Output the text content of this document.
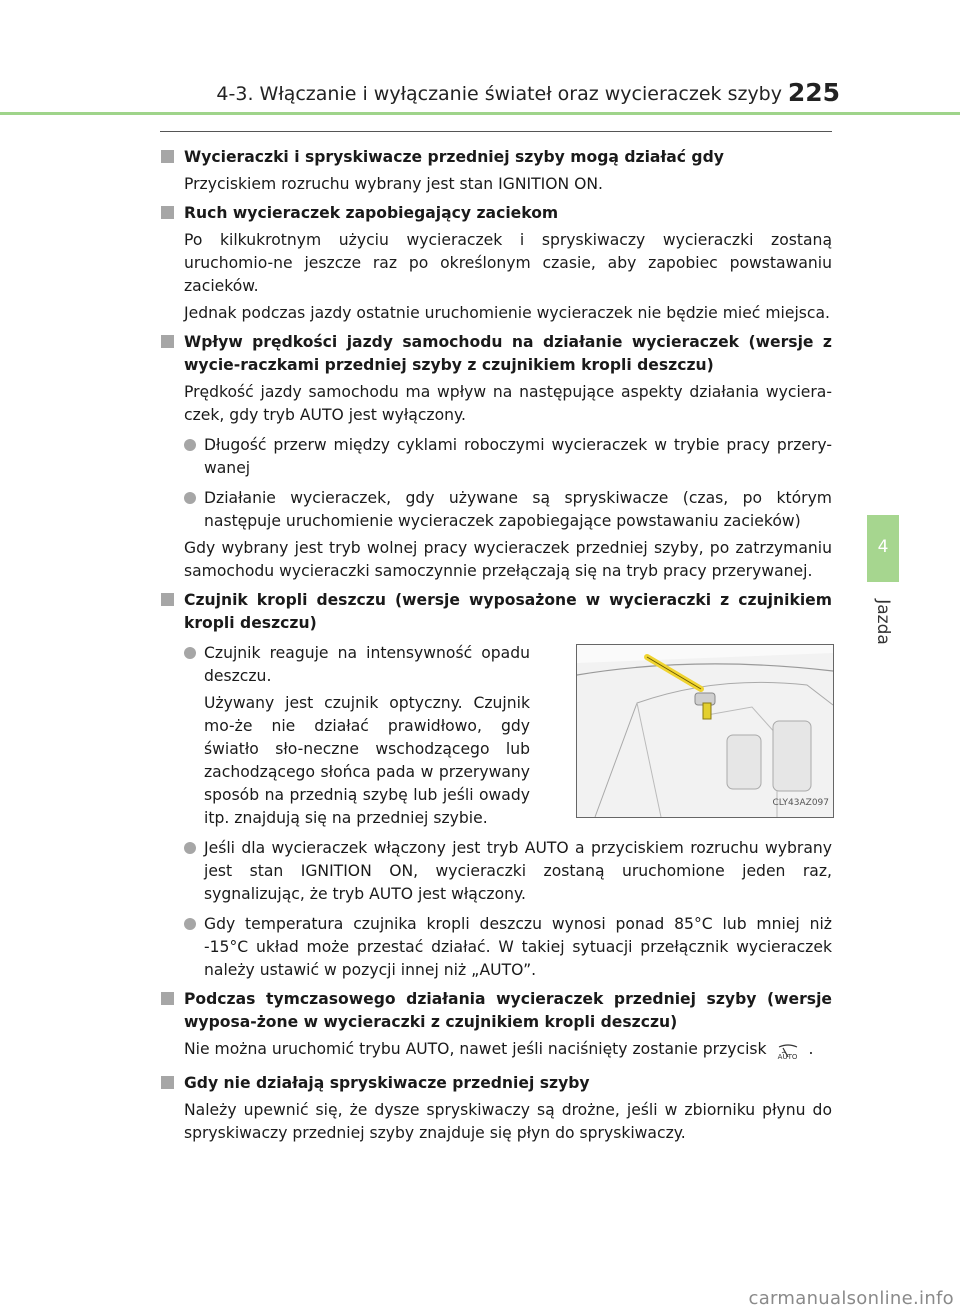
4-3. Włączanie i wyłączanie świateł oraz wycieraczek szyby 225
4
Jazda
Wycieraczki i spryskiwacze przedniej szyby mogą działać gdy

Przyciskiem rozruchu wybrany jest stan IGNITION ON.

Ruch wycieraczek zapobiegający zaciekom

Po kilkukrotnym użyciu wycieraczek i spryskiwaczy wycieraczki zostaną uruchomio-ne jeszcze raz po określonym czasie, aby zapobiec powstawaniu zacieków.

Jednak podczas jazdy ostatnie uruchomienie wycieraczek nie będzie mieć miejsca.

Wpływ prędkości jazdy samochodu na działanie wycieraczek (wersje z wycie-raczkami przedniej szyby z czujnikiem kropli deszczu)

Prędkość jazdy samochodu ma wpływ na następujące aspekty działania wyciera-czek, gdy tryb AUTO jest wyłączony.

Długość przerw między cyklami roboczymi wycieraczek w trybie pracy przery-wanej
Działanie wycieraczek, gdy używane są spryskiwacze (czas, po którym następuje uruchomienie wycieraczek zapobiegające powstawaniu zacieków)

Gdy wybrany jest tryb wolnej pracy wycieraczek przedniej szyby, po zatrzymaniu samochodu wycieraczki samoczynnie przełączają się na tryb pracy przerywanej.

Czujnik kropli deszczu (wersje wyposażone w wycieraczki z czujnikiem kropli deszczu)
Czujnik reaguje na intensywność opadu deszczu.
Używany jest czujnik optyczny. Czujnik mo-że nie działać prawidłowo, gdy światło sło-neczne wschodzącego lub zachodzącego słońca pada w przerywany sposób na przednią szybę lub jeśli owady itp. znajdują się na przedniej szybie.
CLY43AZ097
Jeśli dla wycieraczek włączony jest tryb AUTO a przyciskiem rozruchu wybrany jest stan IGNITION ON, wycieraczki zostaną uruchomione jeden raz, sygnalizując, że tryb AUTO jest włączony.
Gdy temperatura czujnika kropli deszczu wynosi ponad 85°C lub mniej niż -15°C układ może przestać działać. W takiej sytuacji przełącznik wycieraczek należy ustawić w pozycji innej niż „AUTO”.
Podczas tymczasowego działania wycieraczek przedniej szyby (wersje wyposa-żone w wycieraczki z czujnikiem kropli deszczu)

Nie można uruchomić trybu AUTO, nawet jeśli naciśnięty zostanie przycisk	AUTO .

Gdy nie działają spryskiwacze przedniej szyby

Należy upewnić się, że dysze spryskiwaczy są drożne, jeśli w zbiorniku płynu do spryskiwaczy przedniej szyby znajduje się płyn do spryskiwaczy.

carmanualsonline.info
